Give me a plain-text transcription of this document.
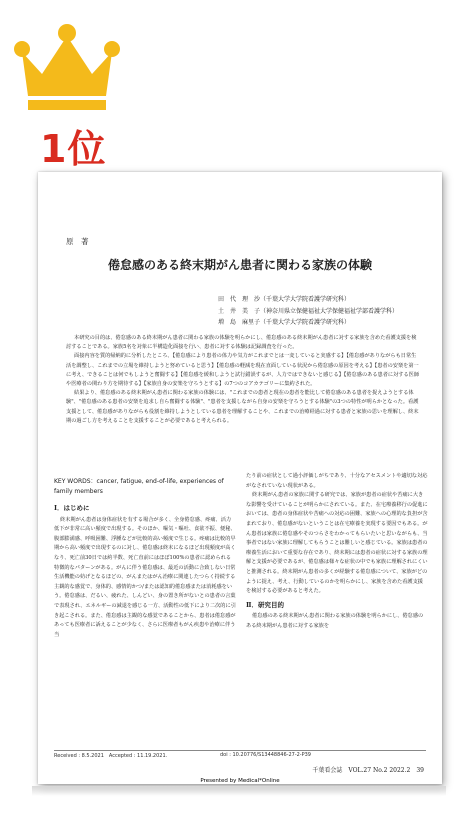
1位
原　著
倦怠感のある終末期がん患者に関わる家族の体験
田　代　理　沙（千葉大学大学院看護学研究科）
土　井　美　子（神奈川県立保健福祉大学保健福祉学部看護学科）
増　島　麻里子（千葉大学大学院看護学研究科）

本研究の目的は、倦怠感のある終末期がん患者に関わる家族の体験を明らかにし、倦怠感のある終末期がん患者に対する家族を含めた看護支援を検討することである。家族5名を対象に半構造化面接を行い、患者に対する体験は記録調査を行った。

面接内容を質的帰納的に分析したところ、【倦怠感により患者の体力や気力がこれまでとは一変していると実感する】【倦怠感がありながらも日常生活を調整し、これまでの立場を維持しようと努めていると思う】【倦怠感の軽減を現在直面している状況から倦怠感の原因を考える】【患者の安楽を第一に考え、できることは何でもしようと奮闘する】【倦怠感を緩和しようと試行錯誤するが、人力ではできないと感じる】【倦怠感のある患者に対する医師や医療者の関わり方を期待する】【家族自身の安楽を守ろうとする】の7つのコアカテゴリーに集約された。

結果より、倦怠感のある終末期がん患者に関わる家族の体験には、"これまでの患者と現在の患者を能比して倦怠感のある患者を捉えようとする体験"、"倦怠感のある患者の安楽を追求し自ら奮闘する体験"、"患者を支援しながら自身の安楽を守ろうとする体験"の3つの特性が明らかとなった。看護支援として、倦怠感がありながらも役割を維持しようとしている患者を理解することや、これまでの治療経過に対する患者と家族の思いを理解し、終末期の過ごし方を考えることを支援することが必要であると考えられる。

KEY WORDS：cancer, fatigue, end-of-life, experiences of family members
Ⅰ．はじめに

終末期がん患者は身体症状を有する場合が多く、全身倦怠感、疼痛、活力低下が非常に高い頻度で出現する。そのほか、嘔気・嘔吐、食欲不振、便秘、腹部膨満感、呼吸困難、浮腫などが比較的高い頻度で生じる。疼痛は比較的早期から高い頻度で出現するのに対し、倦怠感は終末になるほど出現頻度が高くなり、死亡前30日では約半数、死亡直前にはほぼ100%の患者に認められる特徴的なパターンがある。がんに伴う倦怠感は、最近の活動に合致しない日常生活機能の妨げとなるほどの、がんまたはがん治療に関連したつらく持続する主観的な感覚で、身体的、感情的かつ/または認知的倦怠感または消耗感をいう。倦怠感は、だるい、疲れた、しんどい、身の置き所がないとの患者の言葉で表現され、エネルギーの減退を感じる一方、活動性の低下により二次的に引き起こされる。また、倦怠感は主観的な感覚であることから、患者は倦怠感があっても医療者に訴えることが少なく、さらに医療者もがん疾患や治療に伴う当

たり前の症状として過小評価しがちであり、十分なアセスメントや適切な対応がなされていない現状がある。

終末期がん患者の家族に関する研究では、家族が患者の症状や苦痛に大きな影響を受けていることが明らかにされている。また、在宅療養移行の促進においては、患者の身体症状や苦痛への対応の困難、家族への心理的な負担が含まれており、倦怠感がないということは在宅療養を実現する要因でもある。がん患者は家族に倦怠感やそのつらさをわかってもらいたいと思いながらも、当事者ではない家族に理解してもらうことは難しいと感じている。家族は患者の療養生活において重要な存在であり、終末期には患者の症状に対する家族の理解と支援が必要であるが、倦怠感は様々な症状の中でも家族に理解されにくいと推測される。終末期がん患者の多くが経験する倦怠感について、家族がどのように捉え、考え、行動しているのかを明らかにし、家族を含めた看護支援を検討する必要があると考えた。

Ⅱ．研究目的

倦怠感のある終末期がん患者に関わる家族の体験を明らかにし、倦怠感のある終末期がん患者に対する家族を

Received : 8.5.2021　Accepted : 11.19.2021.	doi : 10.20776/S13448846-27-2-P39
千葉看会誌　VOL.27 No.2 2022.2　39
Presented by Medical*Online
